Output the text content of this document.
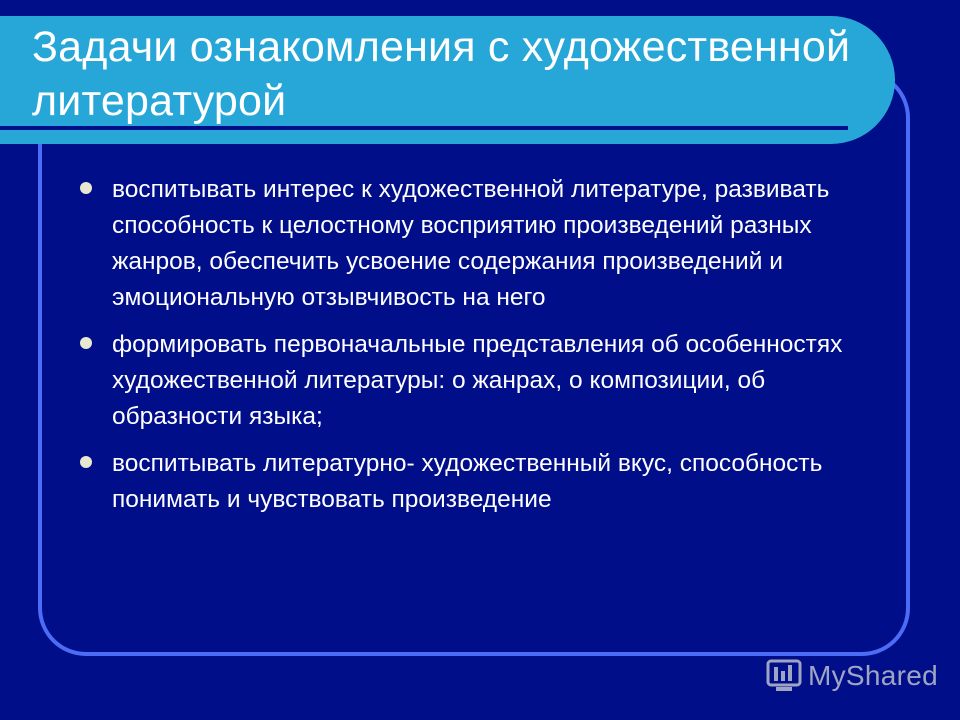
Задачи ознакомления с художественной литературой
воспитывать интерес к художественной литературе, развивать способность к целостному восприятию произведений разных жанров, обеспечить усвоение содержания произведений и эмоциональную отзывчивость на него
формировать первоначальные представления об особенностях художественной литературы: о жанрах, о композиции, об образности языка;
воспитывать литературно- художественный вкус, способность понимать и чувствовать произведение
MyShared
